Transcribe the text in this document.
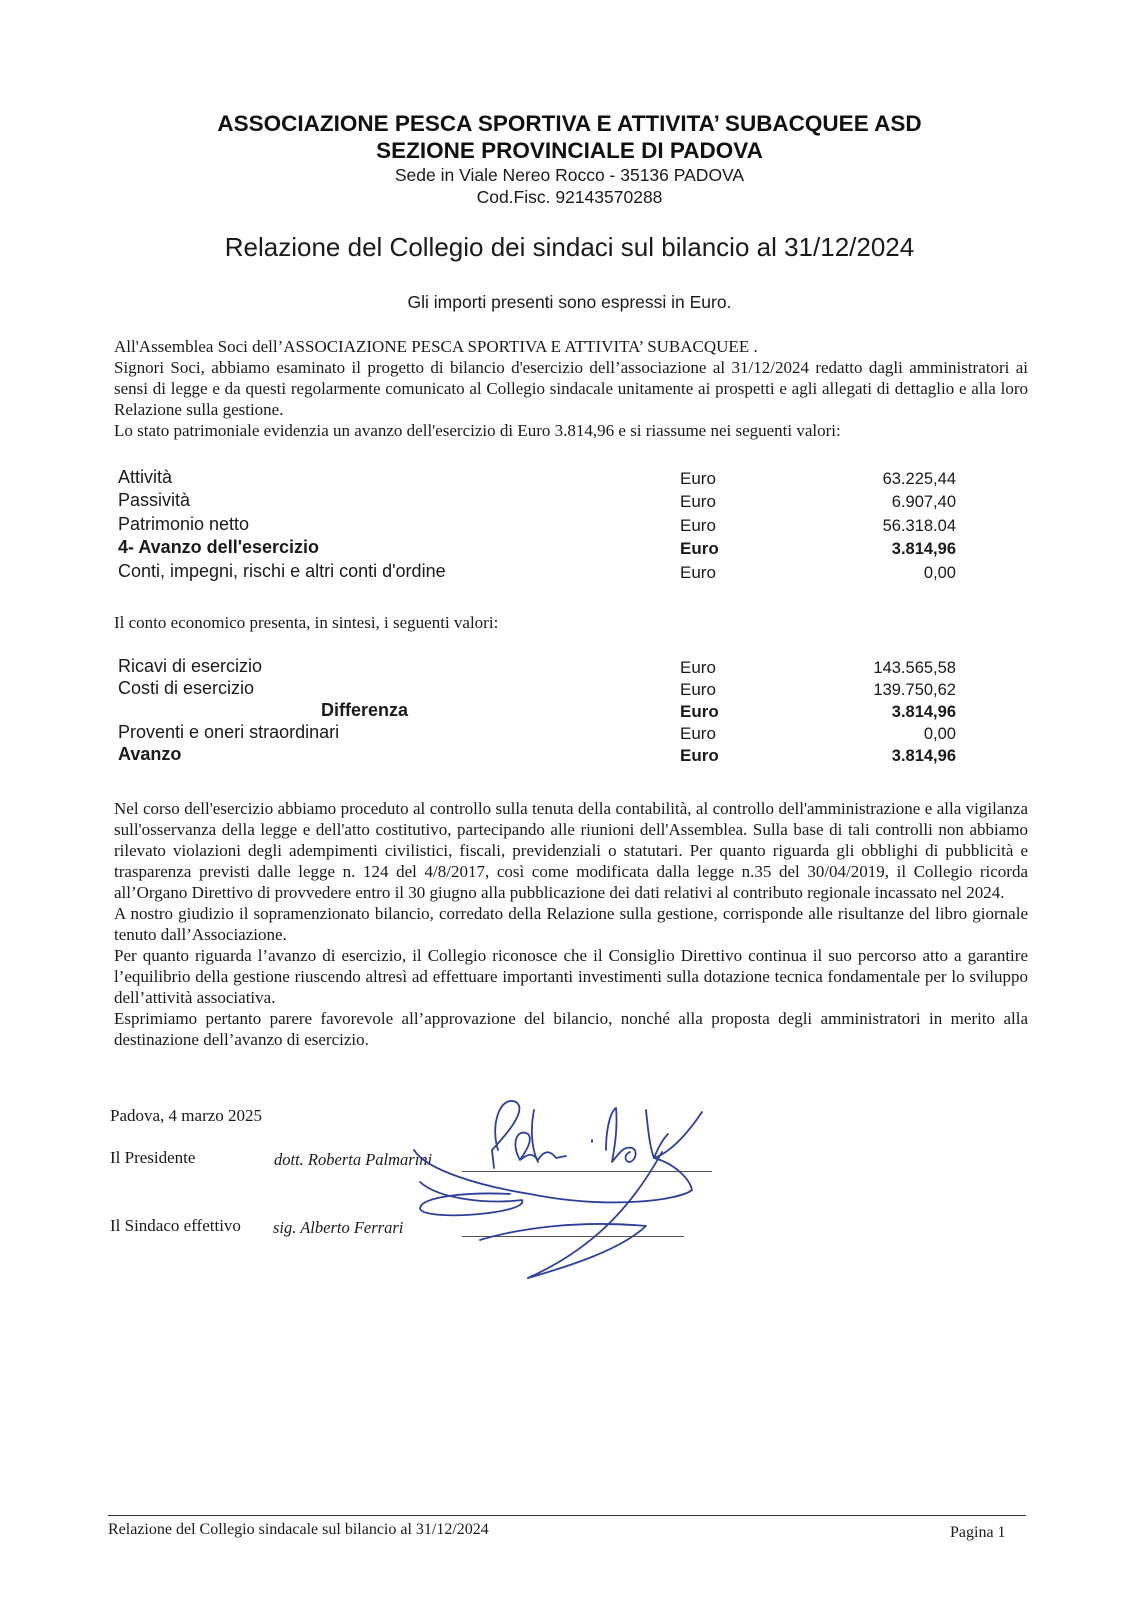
ASSOCIAZIONE PESCA SPORTIVA E ATTIVITA’ SUBACQUEE ASD
SEZIONE PROVINCIALE DI PADOVA
Sede in Viale Nereo Rocco - 35136 PADOVA
Cod.Fisc. 92143570288
Relazione del Collegio dei sindaci sul bilancio al 31/12/2024
Gli importi presenti sono espressi in Euro.

All'Assemblea Soci dell’ASSOCIAZIONE PESCA SPORTIVA E ATTIVITA’ SUBACQUEE .

Signori Soci, abbiamo esaminato il progetto di bilancio d'esercizio dell’associazione al 31/12/2024 redatto dagli amministratori ai sensi di legge e da questi regolarmente comunicato al Collegio sindacale unitamente ai prospetti e agli allegati di dettaglio e alla loro Relazione sulla gestione.

Lo stato patrimoniale evidenzia un avanzo dell'esercizio di Euro 3.814,96 e si riassume nei seguenti valori:

Attività	Euro	63.225,44
Passività	Euro	6.907,40
Patrimonio netto	Euro	56.318.04
4- Avanzo dell'esercizio	Euro	3.814,96
Conti, impegni, rischi e altri conti d'ordine	Euro	0,00
Il conto economico presenta, in sintesi, i seguenti valori:
Ricavi di esercizio	Euro	143.565,58
Costi di esercizio	Euro	139.750,62
Differenza	Euro	3.814,96
Proventi e oneri straordinari	Euro	0,00
Avanzo	Euro	3.814,96

Nel corso dell'esercizio abbiamo proceduto al controllo sulla tenuta della contabilità, al controllo dell'amministrazione e alla vigilanza sull'osservanza della legge e dell'atto costitutivo, partecipando alle riunioni dell'Assemblea. Sulla base di tali controlli non abbiamo rilevato violazioni degli adempimenti civilistici, fiscali, previdenziali o statutari. Per quanto riguarda gli obblighi di pubblicità e trasparenza previsti dalle legge n. 124 del 4/8/2017, così come modificata dalla legge n.35 del 30/04/2019, il Collegio ricorda all’Organo Direttivo di provvedere entro il 30 giugno alla pubblicazione dei dati relativi al contributo regionale incassato nel 2024.

A nostro giudizio il sopramenzionato bilancio, corredato della Relazione sulla gestione, corrisponde alle risultanze del libro giornale tenuto dall’Associazione.

Per quanto riguarda l’avanzo di esercizio, il Collegio riconosce che il Consiglio Direttivo continua il suo percorso atto a garantire l’equilibrio della gestione riuscendo altresì ad effettuare importanti investimenti sulla dotazione tecnica fondamentale per lo sviluppo dell’attività associativa.

Esprimiamo pertanto parere favorevole all’approvazione del bilancio, nonché alla proposta degli amministratori in merito alla destinazione dell’avanzo di esercizio.

Padova, 4 marzo 2025
Il Presidente	dott. Roberta Palmarini
Il Sindaco effettivo sig. Alberto Ferrari
Relazione del Collegio sindacale sul bilancio al 31/12/2024	Pagina 1
